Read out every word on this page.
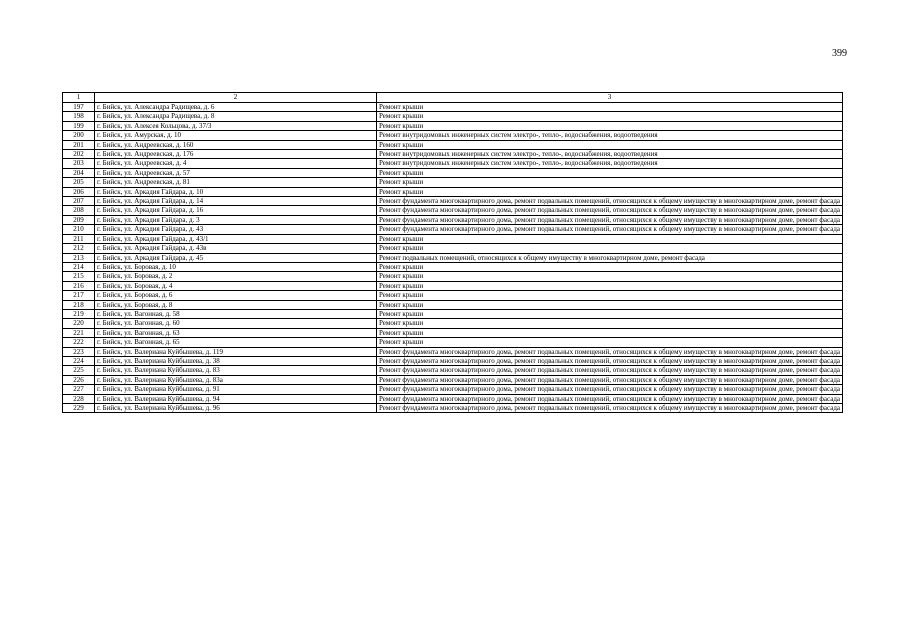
399
1	2	3
197	г. Бийск, ул. Александра Радищева, д. 6	Ремонт крыши
198	г. Бийск, ул. Александра Радищева, д. 8	Ремонт крыши
199	г. Бийск, ул. Алексея Кольцова, д. 37/3	Ремонт крыши
200	г. Бийск, ул. Амурская, д. 10	Ремонт внутридомовых инженерных систем электро-, тепло-, водоснабжения, водоотведения
201	г. Бийск, ул. Андреевская, д. 160	Ремонт крыши
202	г. Бийск, ул. Андреевская, д. 176	Ремонт внутридомовых инженерных систем электро-, тепло-, водоснабжения, водоотведения
203	г. Бийск, ул. Андреевская, д. 4	Ремонт внутридомовых инженерных систем электро-, тепло-, водоснабжения, водоотведения
204	г. Бийск, ул. Андреевская, д. 57	Ремонт крыши
205	г. Бийск, ул. Андреевская, д. 81	Ремонт крыши
206	г. Бийск, ул. Аркадия Гайдара, д. 10	Ремонт крыши
207	г. Бийск, ул. Аркадия Гайдара, д. 14	Ремонт фундамента многоквартирного дома, ремонт подвальных помещений, относящихся к общему имуществу в многоквартирном доме, ремонт фасада
208	г. Бийск, ул. Аркадия Гайдара, д. 16	Ремонт фундамента многоквартирного дома, ремонт подвальных помещений, относящихся к общему имуществу в многоквартирном доме, ремонт фасада
209	г. Бийск, ул. Аркадия Гайдара, д. 3	Ремонт фундамента многоквартирного дома, ремонт подвальных помещений, относящихся к общему имуществу в многоквартирном доме, ремонт фасада
210	г. Бийск, ул. Аркадия Гайдара, д. 43	Ремонт фундамента многоквартирного дома, ремонт подвальных помещений, относящихся к общему имуществу в многоквартирном доме, ремонт фасада
211	г. Бийск, ул. Аркадия Гайдара, д. 43/1	Ремонт крыши
212	г. Бийск, ул. Аркадия Гайдара, д. 43в	Ремонт крыши
213	г. Бийск, ул. Аркадия Гайдара, д. 45	Ремонт подвальных помещений, относящихся к общему имуществу в многоквартирном доме, ремонт фасада
214	г. Бийск, ул. Боровая, д. 10	Ремонт крыши
215	г. Бийск, ул. Боровая, д. 2	Ремонт крыши
216	г. Бийск, ул. Боровая, д. 4	Ремонт крыши
217	г. Бийск, ул. Боровая, д. 6	Ремонт крыши
218	г. Бийск, ул. Боровая, д. 8	Ремонт крыши
219	г. Бийск, ул. Вагонная, д. 58	Ремонт крыши
220	г. Бийск, ул. Вагонная, д. 60	Ремонт крыши
221	г. Бийск, ул. Вагонная, д. 63	Ремонт крыши
222	г. Бийск, ул. Вагонная, д. 65	Ремонт крыши
223	г. Бийск, ул. Валериана Куйбышева, д. 119	Ремонт фундамента многоквартирного дома, ремонт подвальных помещений, относящихся к общему имуществу в многоквартирном доме, ремонт фасада
224	г. Бийск, ул. Валериана Куйбышева, д. 38	Ремонт фундамента многоквартирного дома, ремонт подвальных помещений, относящихся к общему имуществу в многоквартирном доме, ремонт фасада
225	г. Бийск, ул. Валериана Куйбышева, д. 83	Ремонт фундамента многоквартирного дома, ремонт подвальных помещений, относящихся к общему имуществу в многоквартирном доме, ремонт фасада
226	г. Бийск, ул. Валериана Куйбышева, д. 83а	Ремонт фундамента многоквартирного дома, ремонт подвальных помещений, относящихся к общему имуществу в многоквартирном доме, ремонт фасада
227	г. Бийск, ул. Валериана Куйбышева, д. 91	Ремонт фундамента многоквартирного дома, ремонт подвальных помещений, относящихся к общему имуществу в многоквартирном доме, ремонт фасада
228	г. Бийск, ул. Валериана Куйбышева, д. 94	Ремонт фундамента многоквартирного дома, ремонт подвальных помещений, относящихся к общему имуществу в многоквартирном доме, ремонт фасада
229	г. Бийск, ул. Валериана Куйбышева, д. 96	Ремонт фундамента многоквартирного дома, ремонт подвальных помещений, относящихся к общему имуществу в многоквартирном доме, ремонт фасада
